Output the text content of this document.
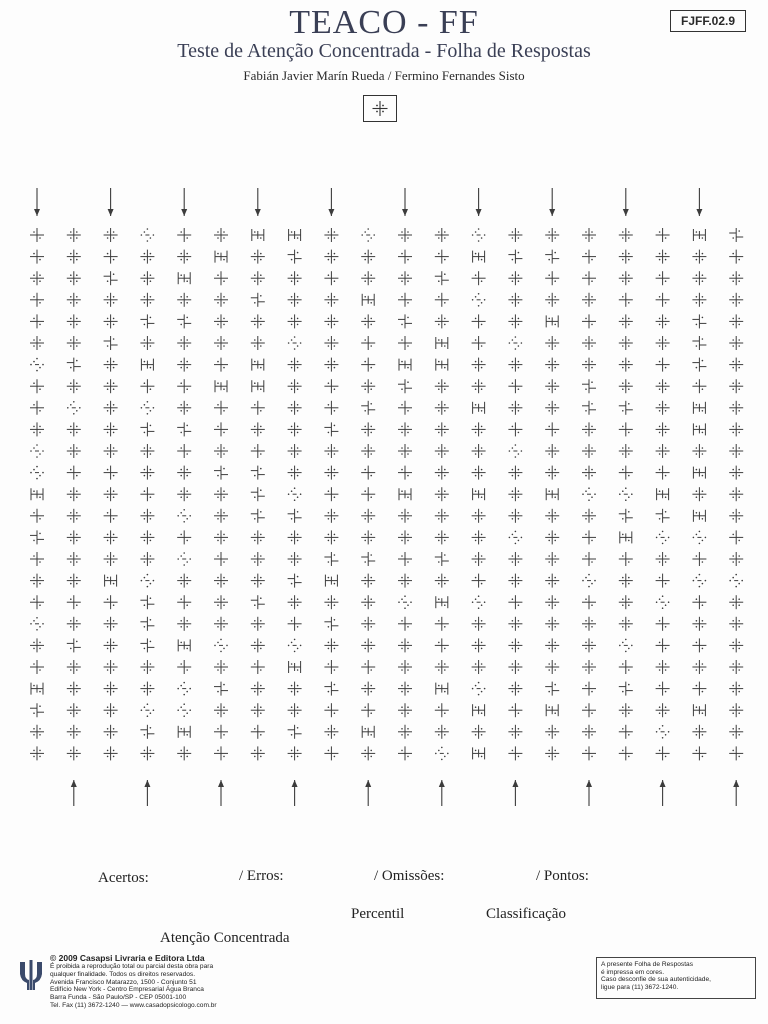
TEACO - FF
Teste de Atenção Concentrada - Folha de Respostas
Fabián Javier Marín Rueda / Fermino Fernandes Sisto
FJFF.02.9
Acertos:	/ Erros:	/ Omissões:	/ Pontos:
Percentil	Classificação
Atenção Concentrada
© 2009 Casapsi Livraria e Editora Ltda
É proibida a reprodução total ou parcial desta obra para
qualquer finalidade. Todos os direitos reservados.
Avenida Francisco Matarazzo, 1500 - Conjunto 51
Edifício New York - Centro Empresarial Água Branca
Barra Funda - São Paulo/SP - CEP 05001-100
Tel. Fax (11) 3672-1240 — www.casadopsicologo.com.br
A presente Folha de Respostas
é impressa em cores.
Caso desconfie de sua autenticidade,
ligue para (11) 3672-1240.
